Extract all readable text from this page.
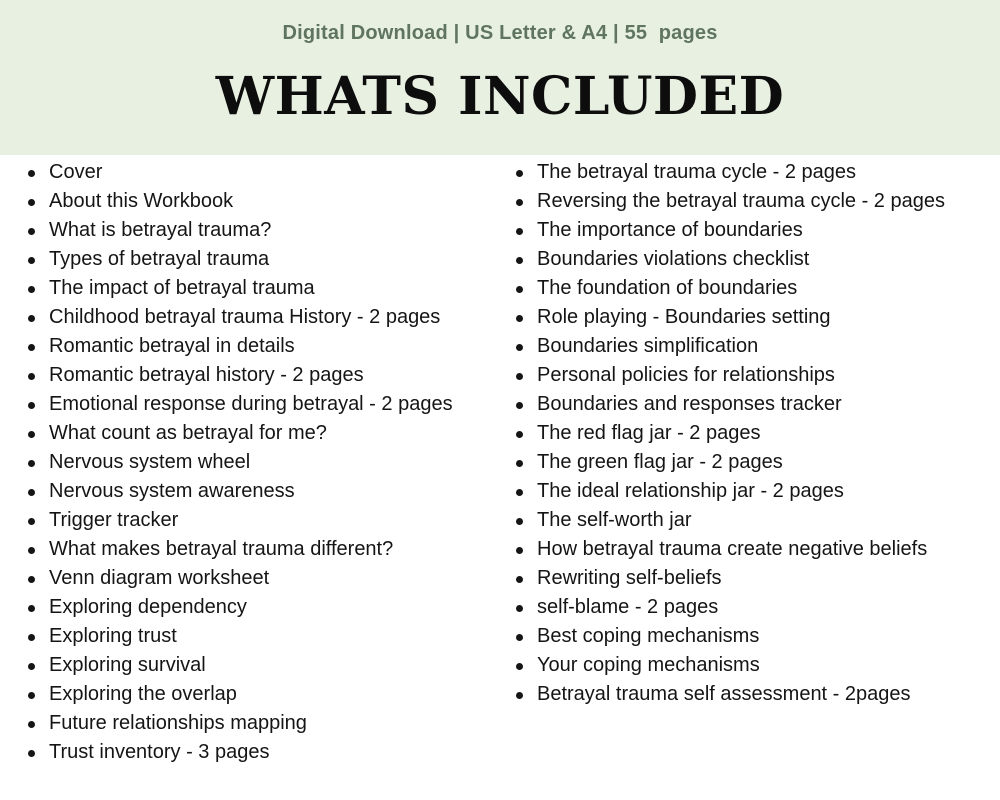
Digital Download | US Letter & A4 | 55  pages
WHATS INCLUDED
Cover
About this Workbook
What is betrayal trauma?
Types of betrayal trauma
The impact of betrayal trauma
Childhood betrayal trauma History - 2 pages
Romantic betrayal in details
Romantic betrayal history - 2 pages
Emotional response during betrayal - 2 pages
What count as betrayal for me?
Nervous system wheel
Nervous system awareness
Trigger tracker
What makes betrayal trauma different?
Venn diagram worksheet
Exploring dependency
Exploring trust
Exploring survival
Exploring the overlap
Future relationships mapping
Trust inventory - 3 pages
The betrayal trauma cycle - 2 pages
Reversing the betrayal trauma cycle - 2 pages
The importance of boundaries
Boundaries violations checklist
The foundation of boundaries
Role playing - Boundaries setting
Boundaries simplification
Personal policies for relationships
Boundaries and responses tracker
The red flag jar - 2 pages
The green flag jar - 2 pages
The ideal relationship jar - 2 pages
The self-worth jar
How betrayal trauma create negative beliefs
Rewriting self-beliefs
self-blame - 2 pages
Best coping mechanisms
Your coping mechanisms
Betrayal trauma self assessment - 2pages
